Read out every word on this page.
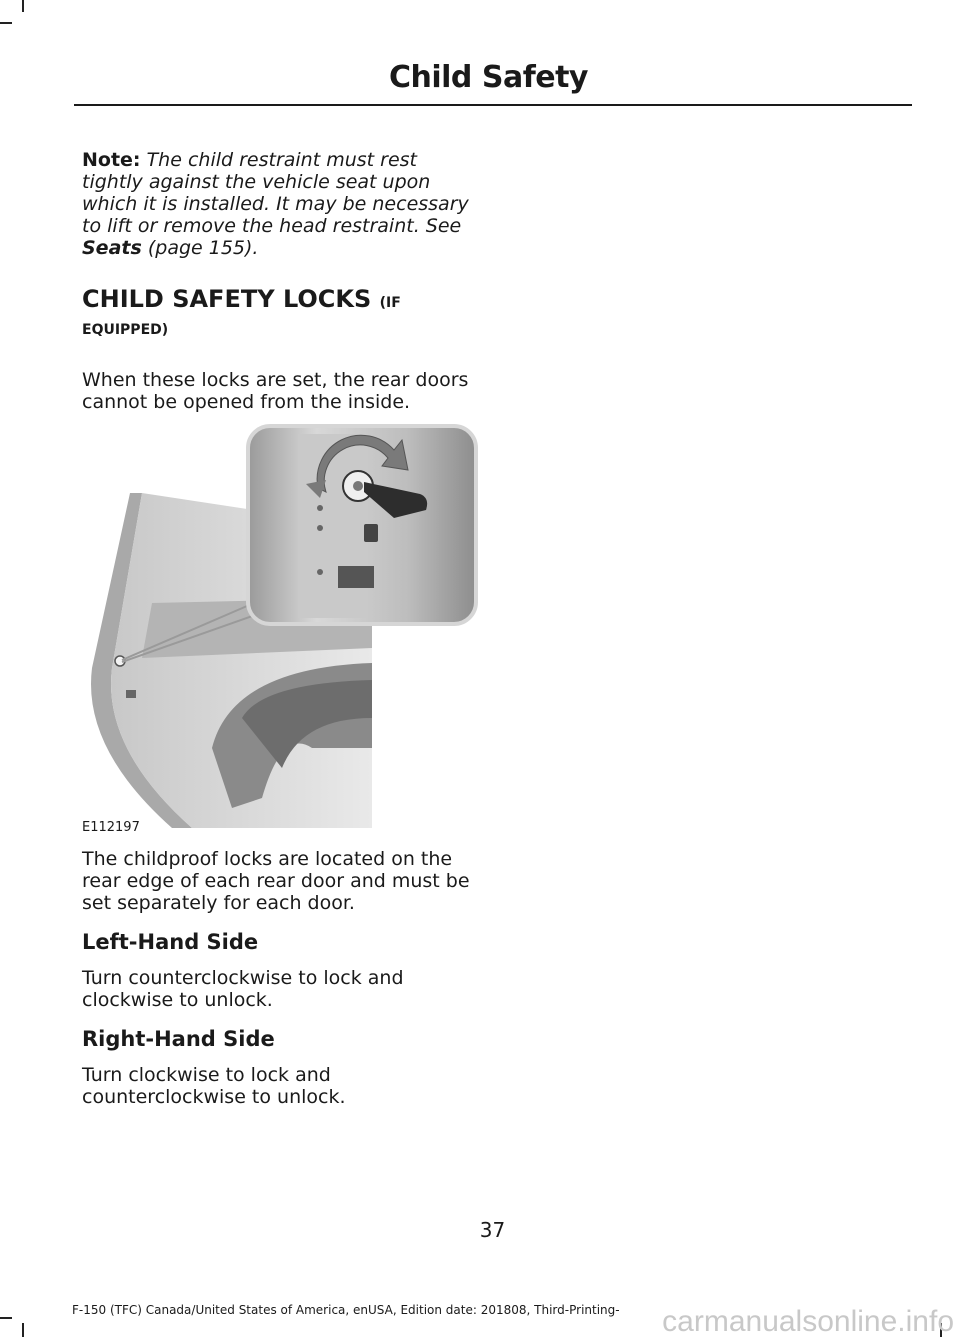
Child Safety

Note: The child restraint must rest tightly against the vehicle seat upon which it is installed. It may be necessary to lift or remove the head restraint. See Seats (page 155).

CHILD SAFETY LOCKS (IF

EQUIPPED)

When these locks are set, the rear doors cannot be opened from the inside.

E112197

The childproof locks are located on the rear edge of each rear door and must be set separately for each door.

Left-Hand Side

Turn counterclockwise to lock and clockwise to unlock.

Right-Hand Side

Turn clockwise to lock and counterclockwise to unlock.

37

F-150 (TFC) Canada/United States of America, enUSA, Edition date: 201808, Third-Printing- carmanualsonline.info
